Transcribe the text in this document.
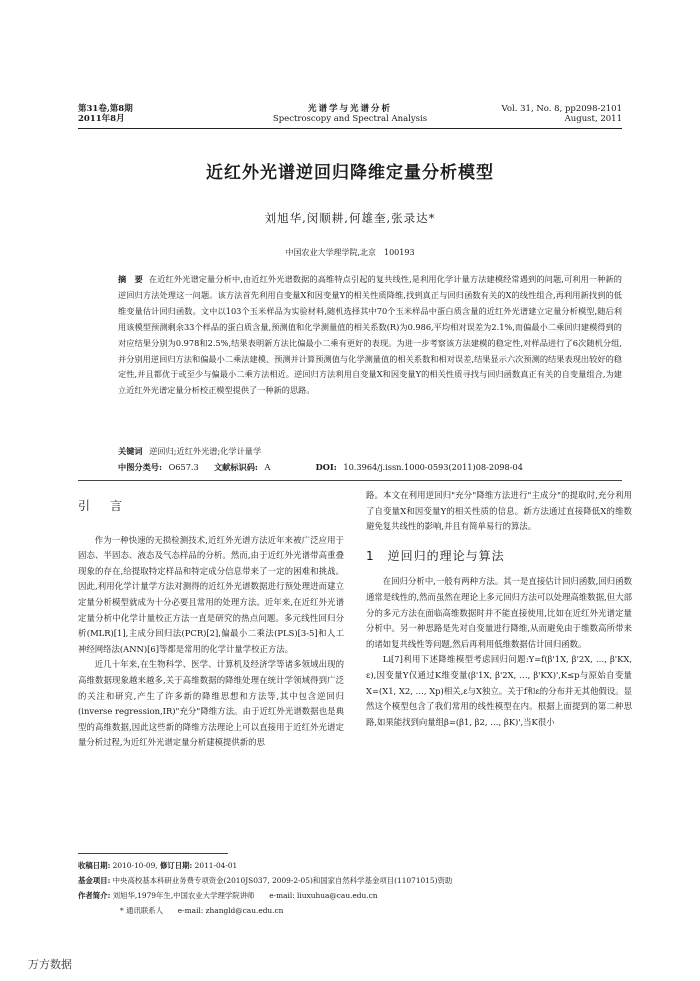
第31卷,第8期
2011年8月
光谱学与光谱分析
Spectroscopy and Spectral Analysis
Vol. 31, No. 8, pp2098-2101
August, 2011
近红外光谱逆回归降维定量分析模型
刘旭华,闵顺耕,何雄奎,张录达*
中国农业大学理学院,北京　100193
摘　要 在近红外光谱定量分析中,由近红外光谱数据的高维特点引起的复共线性,是利用化学计量方法建模经常遇到的问题,可利用一种新的逆回归方法处理这一问题。该方法首先利用自变量X和因变量Y的相关性质降维,找到真正与回归函数有关的X的线性组合,再利用新找到的低维变量估计回归函数。文中以103个玉米样品为实验材料,随机选择其中70个玉米样品中蛋白质含量的近红外光谱建立定量分析模型,随后利用该模型预测剩余33个样品的蛋白质含量,预测值和化学测量值的相关系数(R)为0.986,平均相对误差为2.1%,而偏最小二乘回归建模得到的对应结果分别为0.978和2.5%,结果表明新方法比偏最小二乘有更好的表现。为进一步考察该方法建模的稳定性,对样品进行了6次随机分组,并分别用逆回归方法和偏最小二乘法建模、预测并计算预测值与化学测量值的相关系数和相对误差,结果显示六次预测的结果表现出较好的稳定性,并且都优于或至少与偏最小二乘方法相近。逆回归方法利用自变量X和因变量Y的相关性质寻找与回归函数真正有关的自变量组合,为建立近红外光谱定量分析校正模型提供了一种新的思路。
关键词 逆回归;近红外光谱;化学计量学
中图分类号: O657.3 文献标识码: A	DOI: 10.3964/j.issn.1000-0593(2011)08-2098-04
引　言

作为一种快速的无损检测技术,近红外光谱方法近年来被广泛应用于固态、半固态、液态及气态样品的分析。然而,由于近红外光谱带高重叠现象的存在,给提取特定样品和特定成分信息带来了一定的困难和挑战。因此,利用化学计量学方法对测得的近红外光谱数据进行预处理进而建立定量分析模型就成为十分必要且常用的处理方法。近年来,在近红外光谱定量分析中化学计量校正方法一直是研究的热点问题。多元线性回归分析(MLR)[1],主成分回归法(PCR)[2],偏最小二乘法(PLS)[3-5]和人工神经网络法(ANN)[6]等都是常用的化学计量学校正方法。

近几十年来,在生物科学、医学、计算机及经济学等诸多领域出现的高维数据现象越来越多,关于高维数据的降维处理在统计学领域得到广泛的关注和研究,产生了许多新的降维思想和方法等,其中包含逆回归(inverse regression,IR)"充分"降维方法。由于近红外光谱数据也是典型的高维数据,因此这些新的降维方法理论上可以直接用于近红外光谱定量分析过程,为近红外光谱定量分析建模提供新的思

路。本文在利用逆回归"充分"降维方法进行"主成分"的提取时,充分利用了自变量X和因变量Y的相关性质的信息。新方法通过直接降低X的维数避免复共线性的影响,并且有简单易行的算法。

1　逆回归的理论与算法

在回归分析中,一般有两种方法。其一是直接估计回归函数,回归函数通常是线性的,然而虽然在理论上多元回归方法可以处理高维数据,但大部分的多元方法在面临高维数据时并不能直接使用,比如在近红外光谱定量分析中。另一种思路是先对自变量进行降维,从而避免由于维数高所带来的诸如复共线性等问题,然后再利用低维数据估计回归函数。

Li[7]利用下述降维模型考虑回归问题:Y=f(β'1X, β'2X, …, β'KX, ε),因变量Y仅通过K维变量(β'1X, β'2X, …, β'KX)',K≤p与原始自变量X=(X1, X2, …, Xp)相关,ε与X独立。关于f和ε的分布并无其他假设。显然这个模型包含了我们常用的线性模型在内。根据上面提到的第二种思路,如果能找到向量组β=(β1, β2, …, βK)',当K很小

收稿日期: 2010-10-09, 修订日期: 2011-04-01
基金项目: 中央高校基本科研业务费专项资金(2010JS037, 2009-2-05)和国家自然科学基金项目(11071015)资助
作者简介: 刘旭华,1979年生,中国农业大学理学院讲师　　e-mail: liuxuhua@cau.edu.cn
* 通讯联系人　　e-mail: zhangld@cau.edu.cn
万方数据
